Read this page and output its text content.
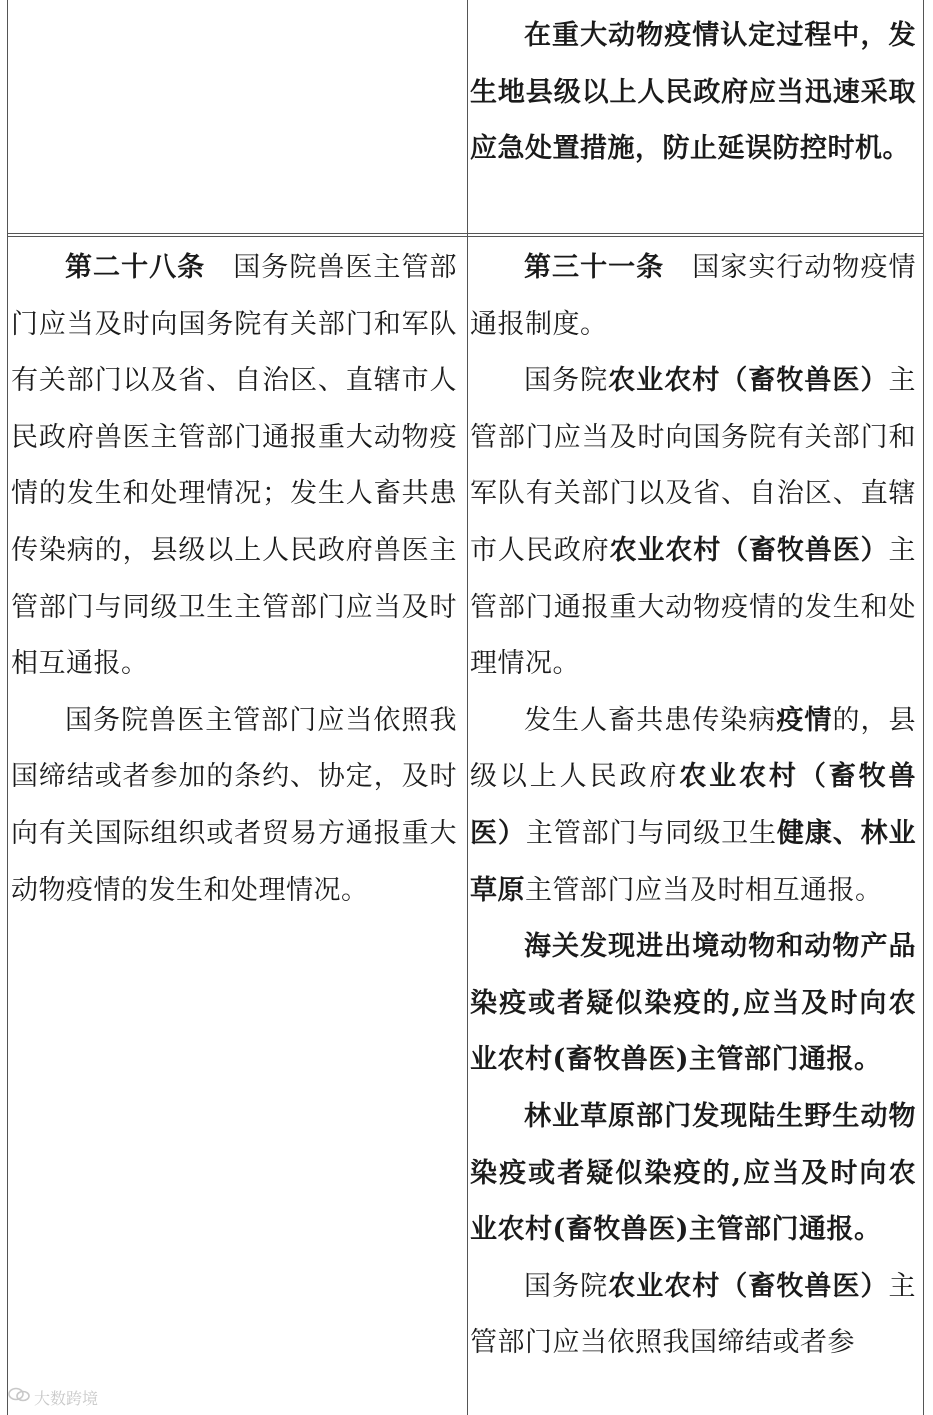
在重大动物疫情认定过程中，发生地县级以上人民政府应当迅速采取应急处置措施，防止延误防控时机。

第二十八条　国务院兽医主管部门应当及时向国务院有关部门和军队有关部门以及省、自治区、直辖市人民政府兽医主管部门通报重大动物疫情的发生和处理情况；发生人畜共患传染病的，县级以上人民政府兽医主管部门与同级卫生主管部门应当及时相互通报。

国务院兽医主管部门应当依照我国缔结或者参加的条约、协定，及时向有关国际组织或者贸易方通报重大动物疫情的发生和处理情况。

第三十一条　国家实行动物疫情通报制度。

国务院农业农村（畜牧兽医）主管部门应当及时向国务院有关部门和军队有关部门以及省、自治区、直辖市人民政府农业农村（畜牧兽医）主管部门通报重大动物疫情的发生和处理情况。

发生人畜共患传染病疫情的，县级以上人民政府农业农村（畜牧兽医）主管部门与同级卫生健康、林业草原主管部门应当及时相互通报。

海关发现进出境动物和动物产品染疫或者疑似染疫的,应当及时向农业农村(畜牧兽医)主管部门通报。

林业草原部门发现陆生野生动物染疫或者疑似染疫的,应当及时向农业农村(畜牧兽医)主管部门通报。

国务院农业农村（畜牧兽医）主管部门应当依照我国缔结或者参

大数跨境
